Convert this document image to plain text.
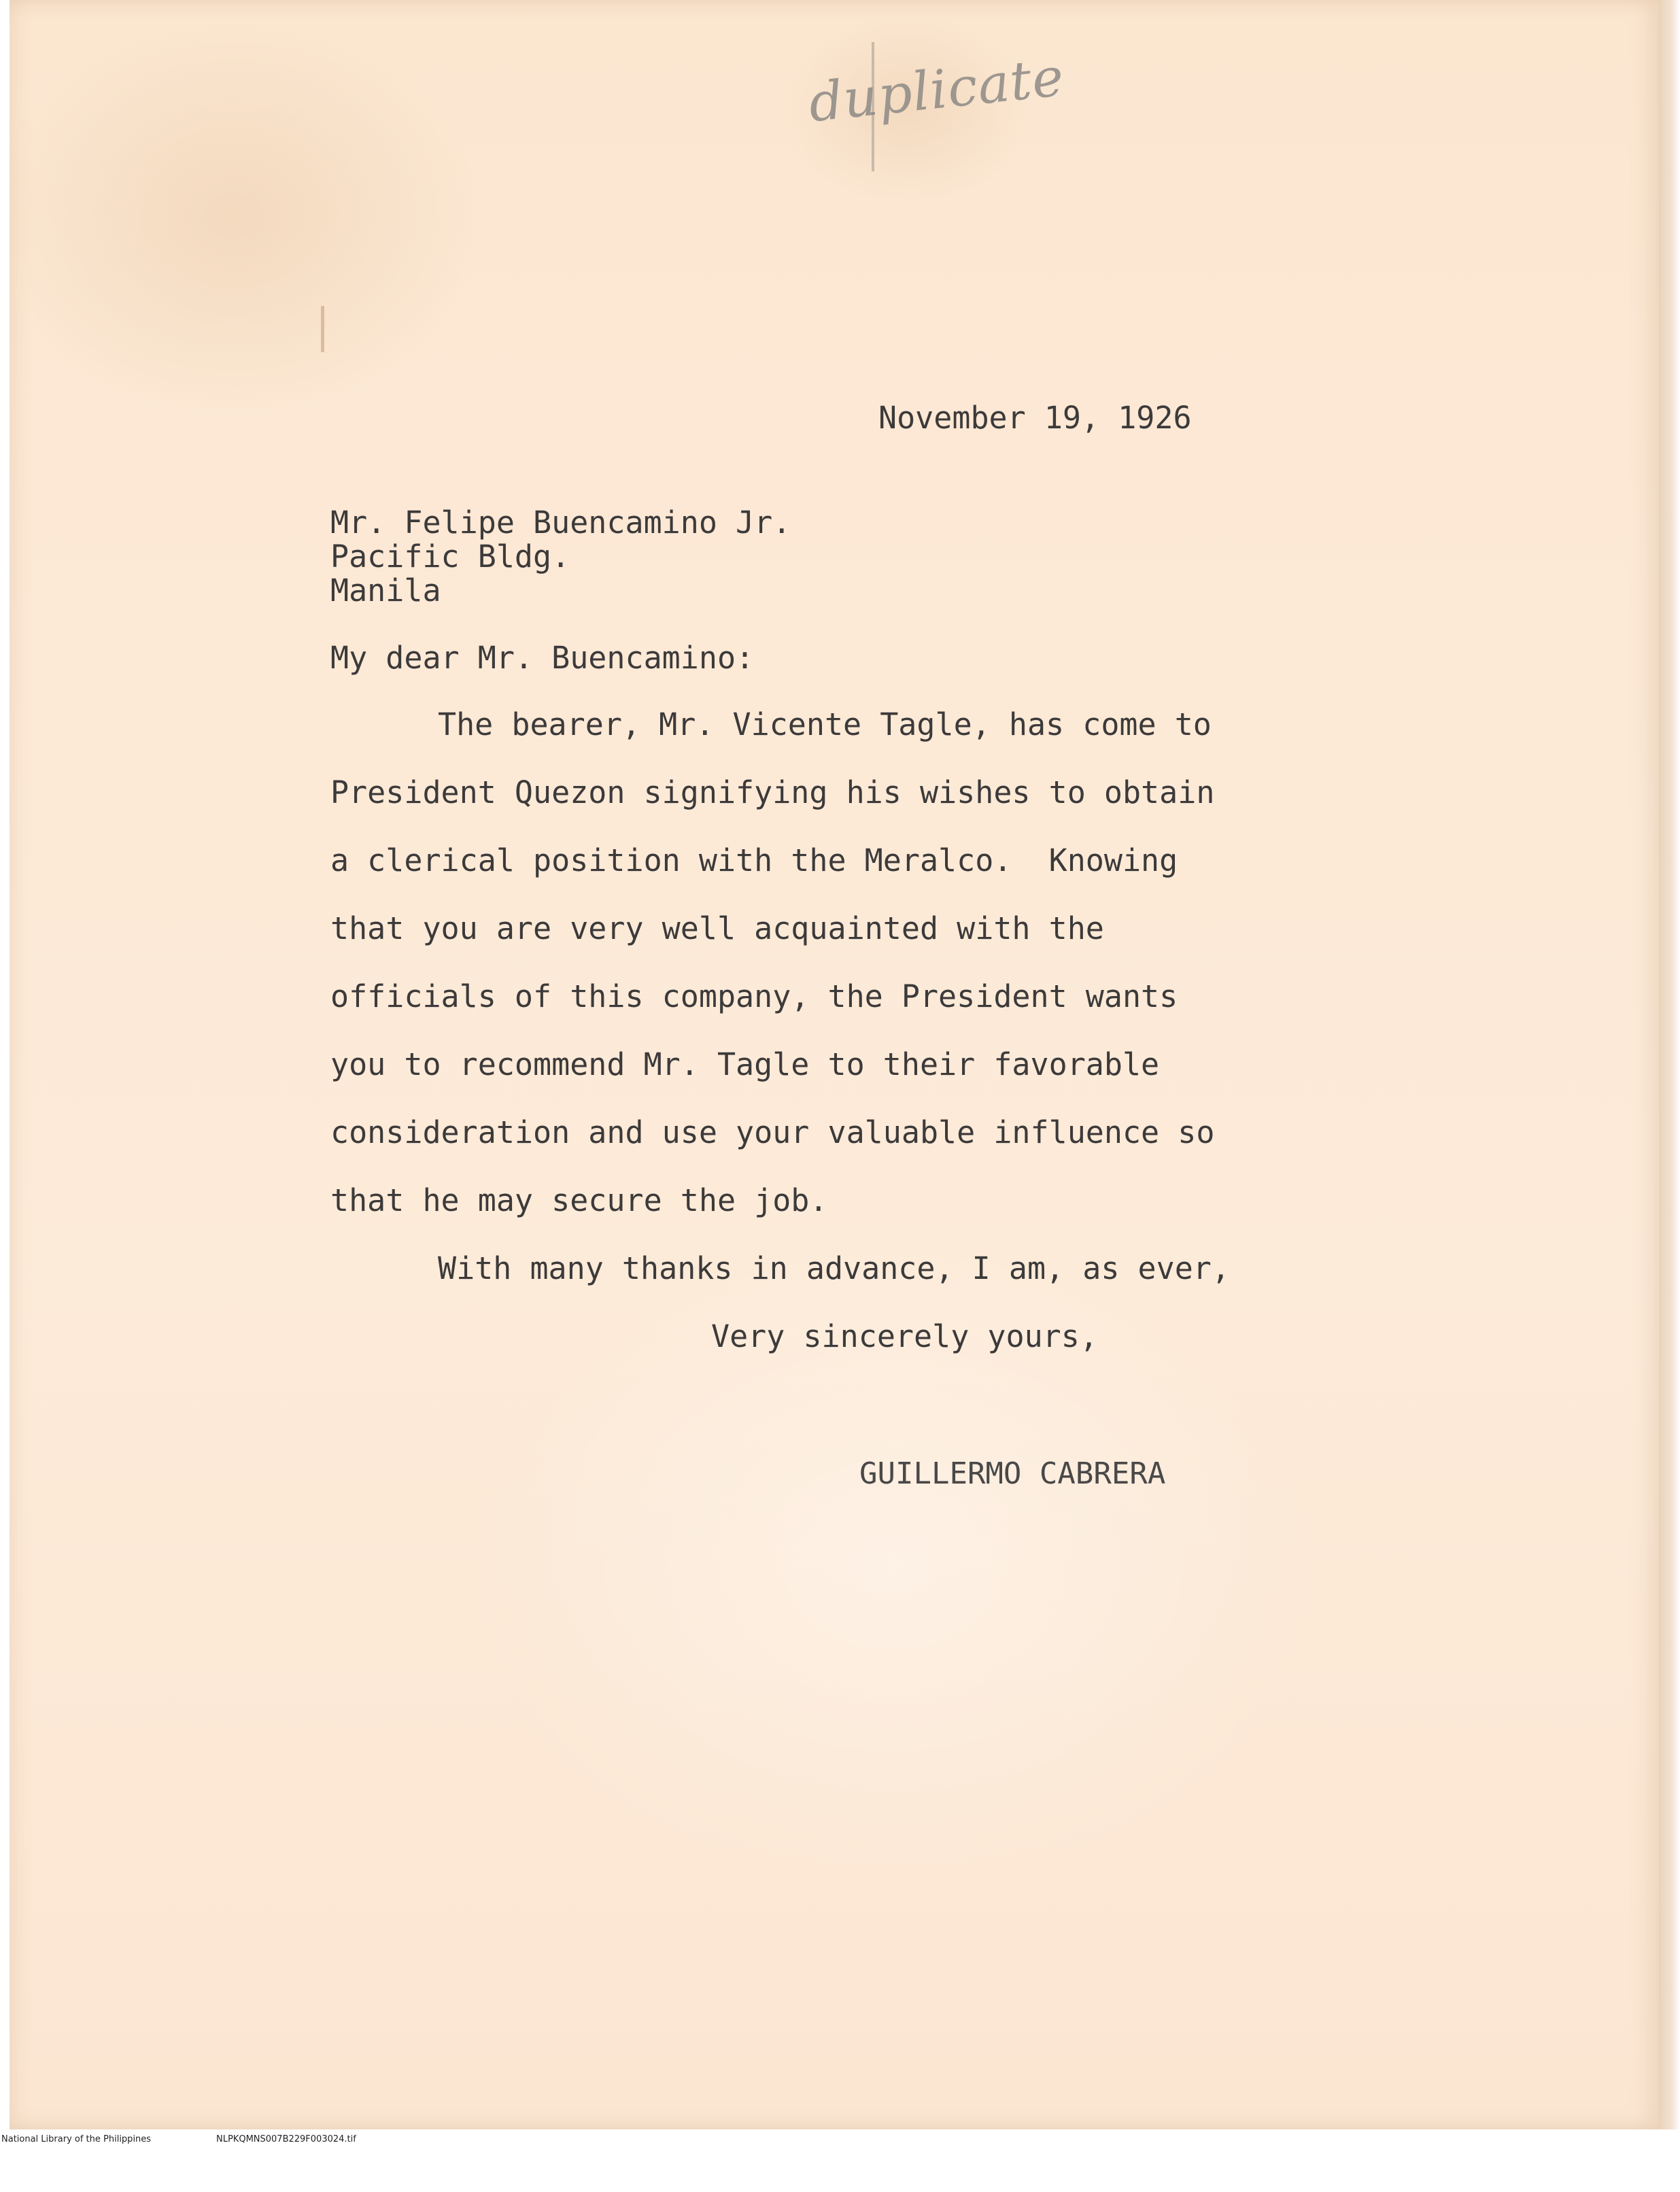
duplicate
November 19, 1926
Mr. Felipe Buencamino Jr.
Pacific Bldg.
Manila
My dear Mr. Buencamino:
The bearer, Mr. Vicente Tagle, has come to
President Quezon signifying his wishes to obtain
a clerical position with the Meralco.  Knowing
that you are very well acquainted with the
officials of this company, the President wants
you to recommend Mr. Tagle to their favorable
consideration and use your valuable influence so
that he may secure the job.
With many thanks in advance, I am, as ever,
Very sincerely yours,
GUILLERMO CABRERA

National Library of the Philippines

	NLPKQMNS007B229F003024.tif
